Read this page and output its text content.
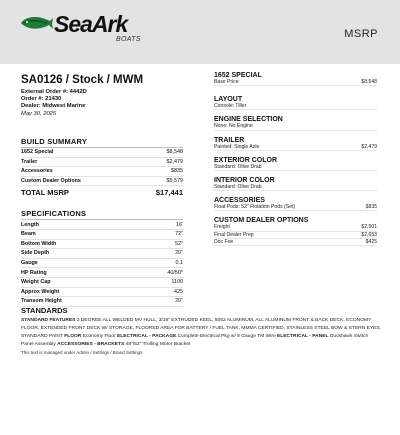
SeaArk
BOATS	MSRP
SA0126 / Stock / MWM
External Order #: 4442D
Order #: 21430
Dealer: Midwest Marine
May 30, 2025
BUILD SUMMARY
1652 Special	$8,548
Trailer	$2,479
Accessories	$835
Custom Dealer Options	$5,579
TOTAL MSRP	$17,441
SPECIFICATIONS
Length	16'
Beam	72"
Bottom Width	52"
Side Depth	20"
Gauge	0.1
HP Rating	40/50*
Weight Cap	1100
Approx Weight	425
Transom Height	20"
1652 SPECIAL
Base Price	$8,548
LAYOUT
Console: Tiller
ENGINE SELECTION
None: No Engine
TRAILER
Painted: Single Axle	$2,479
EXTERIOR COLOR
Standard: Olive Drab
INTERIOR COLOR
Standard: Olive Drab
ACCESSORIES
Float Pods: 52" Flotation Pods (Set)	$835
CUSTOM DEALER OPTIONS
Freight	$2,501
Final Dealer Prep	$2,653
Doc Fee	$425
STANDARDS
STANDARD FEATURES 3 DEGREE ALL WELDED MV HULL, 3/16" EXTRUDED KEEL, 5052 ALUMINUM, ALL ALUMINUM FRONT & BACK DECK, ECONOMY FLOOR, EXTENDED FRONT DECK W/ STORAGE, FLOORED AREA FOR BATTERY / FUEL TANK, MMMA CERTIFIED, STAINLESS STEEL BOW & STERN EYES, STANDARD PAINT FLOOR Economy Floor ELECTRICAL - PACKAGE Complete Electrical Pkg w/ 8 Gauge TM Wire ELECTRICAL - PANEL Duckhawk Switch Panel Assembly ACCESSORIES - BRACKETS 48"/52" Trolling Motor Bracket
This text is managed under Admin / Settings / Brand Settings
